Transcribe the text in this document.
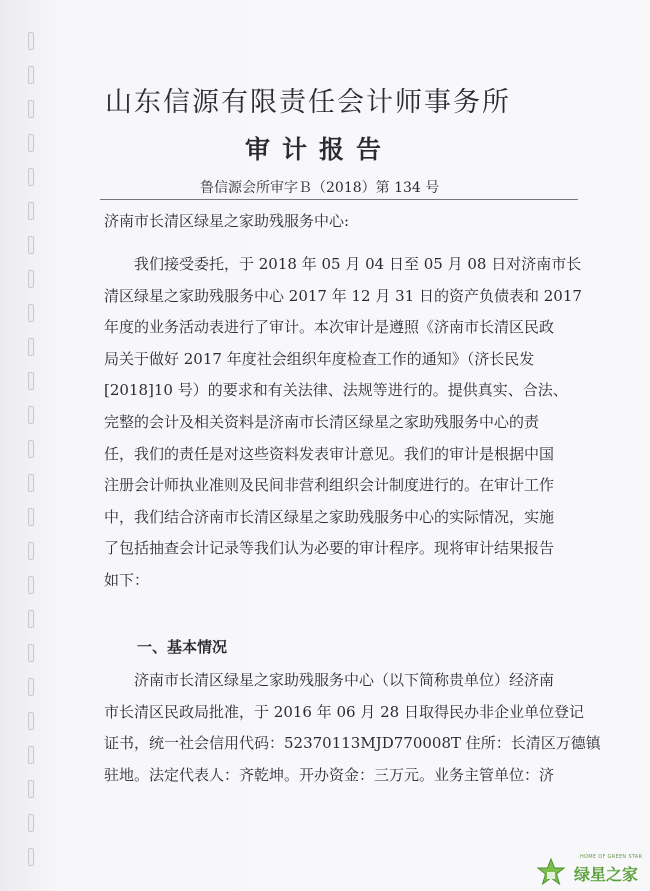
山东信源有限责任会计师事务所
审计报告
鲁信源会所审字Ｂ（2018）第 134 号
济南市长清区绿星之家助残服务中心:
我们接受委托，于 2018 年 05 月 04 日至 05 月 08 日对济南市长
清区绿星之家助残服务中心 2017 年 12 月 31 日的资产负债表和 2017
年度的业务活动表进行了审计。本次审计是遵照《济南市长清区民政
局关于做好 2017 年度社会组织年度检查工作的通知》（济长民发
[2018]10 号）的要求和有关法律、法规等进行的。提供真实、合法、
完整的会计及相关资料是济南市长清区绿星之家助残服务中心的责
任，我们的责任是对这些资料发表审计意见。我们的审计是根据中国
注册会计师执业准则及民间非营利组织会计制度进行的。在审计工作
中，我们结合济南市长清区绿星之家助残服务中心的实际情况，实施
了包括抽查会计记录等我们认为必要的审计程序。现将审计结果报告
如下：
一、基本情况
济南市长清区绿星之家助残服务中心（以下简称贵单位）经济南
市长清区民政局批准，于 2016 年 06 月 28 日取得民办非企业单位登记
证书，统一社会信用代码：52370113MJD770008T 住所：长清区万德镇
驻地。法定代表人：齐乾坤。开办资金：三万元。业务主管单位：济
HOME OF GREEN STAR
绿星之家
